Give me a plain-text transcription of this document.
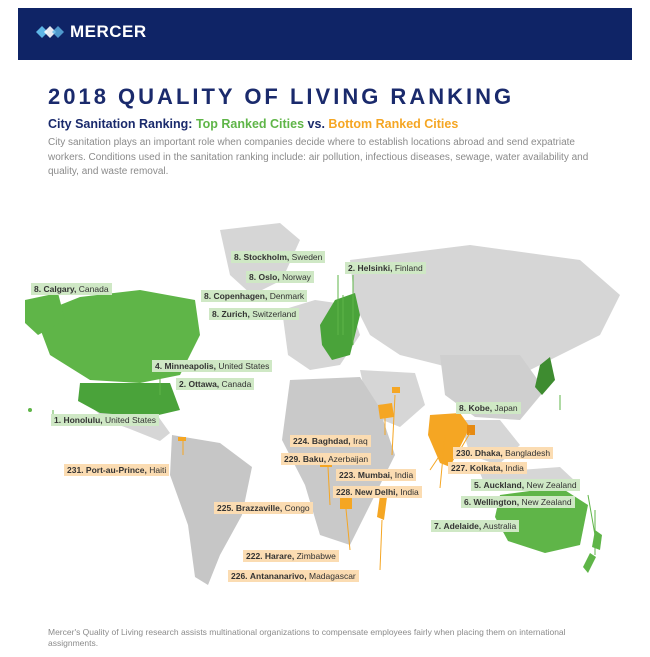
MERCER
2018 QUALITY OF LIVING RANKING
City Sanitation Ranking: Top Ranked Cities vs. Bottom Ranked Cities
City sanitation plays an important role when companies decide where to establish locations abroad and send expatriate workers. Conditions used in the sanitation ranking include: air pollution, infectious diseases, sewage, water availability and quality, and waste removal.
8. Stockholm, Sweden
8. Oslo, Norway
2. Helsinki, Finland
8. Copenhagen, Denmark
8. Zurich, Switzerland
8. Calgary, Canada
4. Minneapolis, United States
2. Ottawa, Canada
1. Honolulu, United States
8. Kobe, Japan
5. Auckland, New Zealand
6. Wellington, New Zealand
7. Adelaide, Australia
224. Baghdad, Iraq
229. Baku, Azerbaijan
231. Port-au-Prince, Haiti	223. Mumbai, India
228. New Delhi, India
230. Dhaka, Bangladesh
227. Kolkata, India
225. Brazzaville, Congo
222. Harare, Zimbabwe
226. Antananarivo, Madagascar
Mercer's Quality of Living research assists multinational organizations to compensate employees fairly when placing them on international assignments.
